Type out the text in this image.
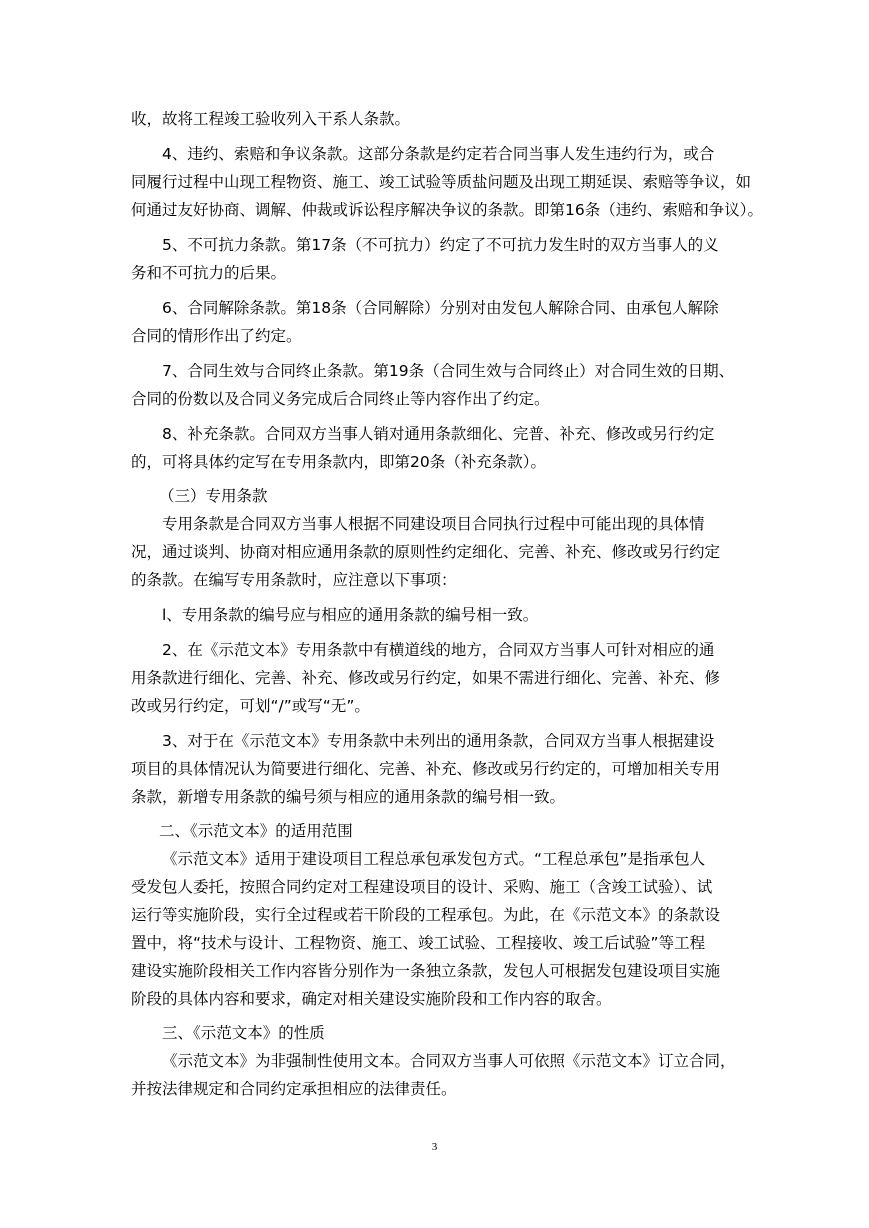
收，故将工程竣工验收列入干系人条款。
4、违约、索赔和争议条款。这部分条款是约定若合同当事人发生违约行为，或合
同履行过程中山现工程物资、施工、竣工试验等质盐问题及出现工期延误、索赔等争议，如
何通过友好协商、调解、仲裁或诉讼程序解决争议的条款。即第16条（违约、索赔和争议）。
5、不可抗力条款。第17条（不可抗力）约定了不可抗力发生时的双方当事人的义
务和不可抗力的后果。
6、合同解除条款。第18条（合同解除）分别对由发包人解除合同、由承包人解除
合同的情形作出了约定。
7、合同生效与合同终止条款。第19条（合同生效与合同终止）对合同生效的日期、
合同的份数以及合同义务完成后合同终止等内容作出了约定。
8、补充条款。合同双方当事人销对通用条款细化、完普、补充、修改或另行约定
的，可将具体约定写在专用条款内，即第20条（补充条款）。
（三）专用条款
专用条款是合同双方当事人根据不同建设项目合同执行过程中可能出现的具体情
况，通过谈判、协商对相应通用条款的原则性约定细化、完善、补充、修改或另行约定
的条款。在编写专用条款时，应注意以下事项：
l、专用条款的编号应与相应的通用条款的编号相一致。
2、在《示范文本》专用条款中有横道线的地方，合同双方当事人可针对相应的通
用条款进行细化、完善、补充、修改或另行约定，如果不需进行细化、完善、补充、修
改或另行约定，可划“/”或写“无”。
3、对于在《示范文本》专用条款中未列出的通用条款，合同双方当事人根据建设
项目的具体情况认为简要进行细化、完善、补充、修改或另行约定的，可增加相关专用
条款，新增专用条款的编号须与相应的通用条款的编号相一致。
二、《示范文本》的适用范围
《示范文本》适用于建设项目工程总承包承发包方式。“工程总承包”是指承包人
受发包人委托，按照合同约定对工程建设项目的设计、采购、施工（含竣工试验）、试
运行等实施阶段，实行全过程或若干阶段的工程承包。为此，在《示范文本》的条款设
置中，将“技术与设计、工程物资、施工、竣工试验、工程接收、竣工后试验”等工程
建设实施阶段相关工作内容皆分别作为一条独立条款，发包人可根据发包建设项目实施
阶段的具体内容和要求，确定对相关建设实施阶段和工作内容的取舍。
三、《示范文本》的性质
《示范文本》为非强制性使用文本。合同双方当事人可依照《示范文本》订立合同，
并按法律规定和合同约定承担相应的法律责任。
3
